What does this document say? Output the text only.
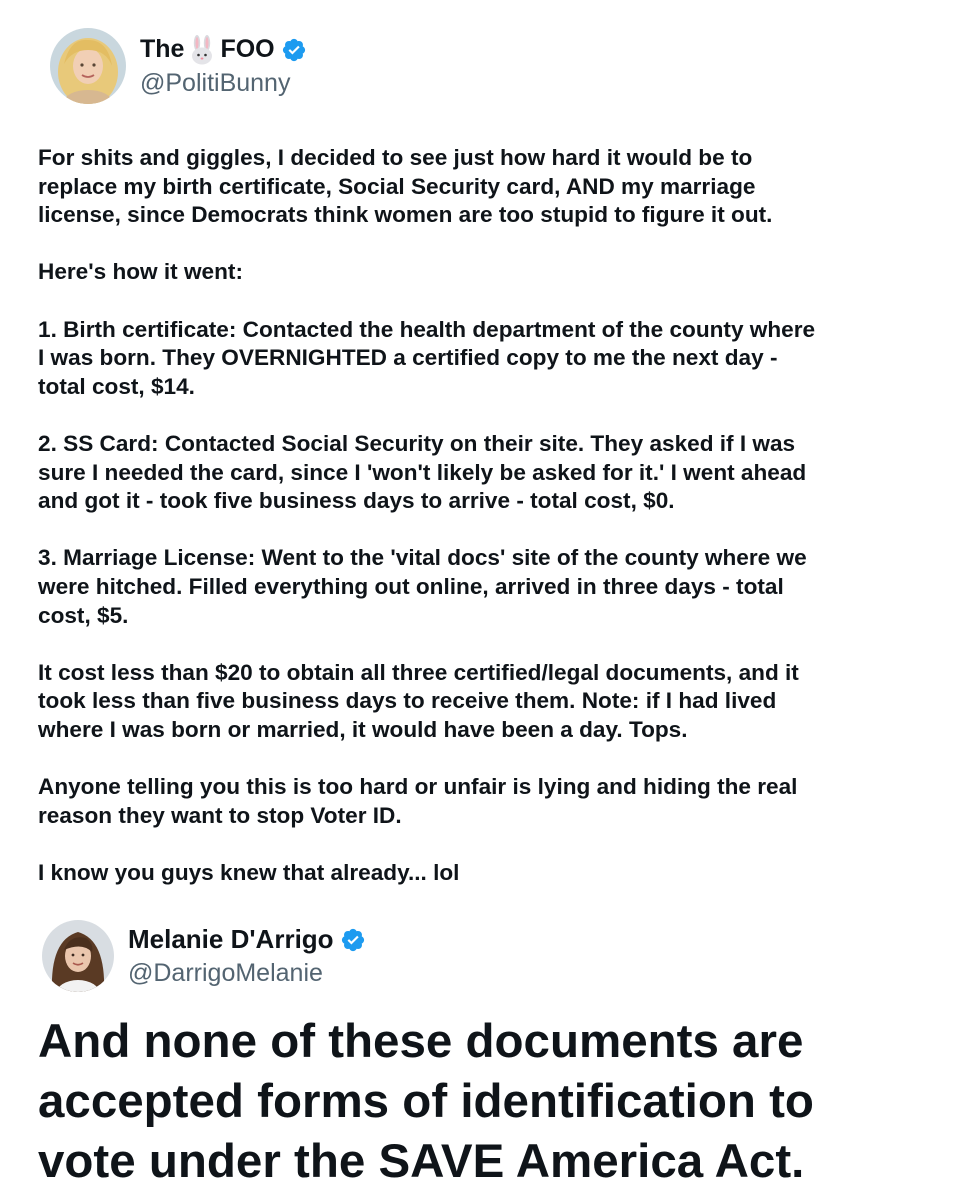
The FOO
@PolitiBunny

For shits and giggles, I decided to see just how hard it would be to
replace my birth certificate, Social Security card, AND my marriage
license, since Democrats think women are too stupid to figure it out.

Here's how it went:

1. Birth certificate: Contacted the health department of the county where
I was born. They OVERNIGHTED a certified copy to me the next day -
total cost, $14.

2. SS Card: Contacted Social Security on their site. They asked if I was
sure I needed the card, since I 'won't likely be asked for it.' I went ahead
and got it - took five business days to arrive - total cost, $0.

3. Marriage License: Went to the 'vital docs' site of the county where we
were hitched. Filled everything out online, arrived in three days - total
cost, $5.

It cost less than $20 to obtain all three certified/legal documents, and it
took less than five business days to receive them. Note: if I had lived
where I was born or married, it would have been a day. Tops.

Anyone telling you this is too hard or unfair is lying and hiding the real
reason they want to stop Voter ID.

I know you guys knew that already... lol

Melanie D'Arrigo
@DarrigoMelanie
And none of these documents are
accepted forms of identification to
vote under the SAVE America Act.
